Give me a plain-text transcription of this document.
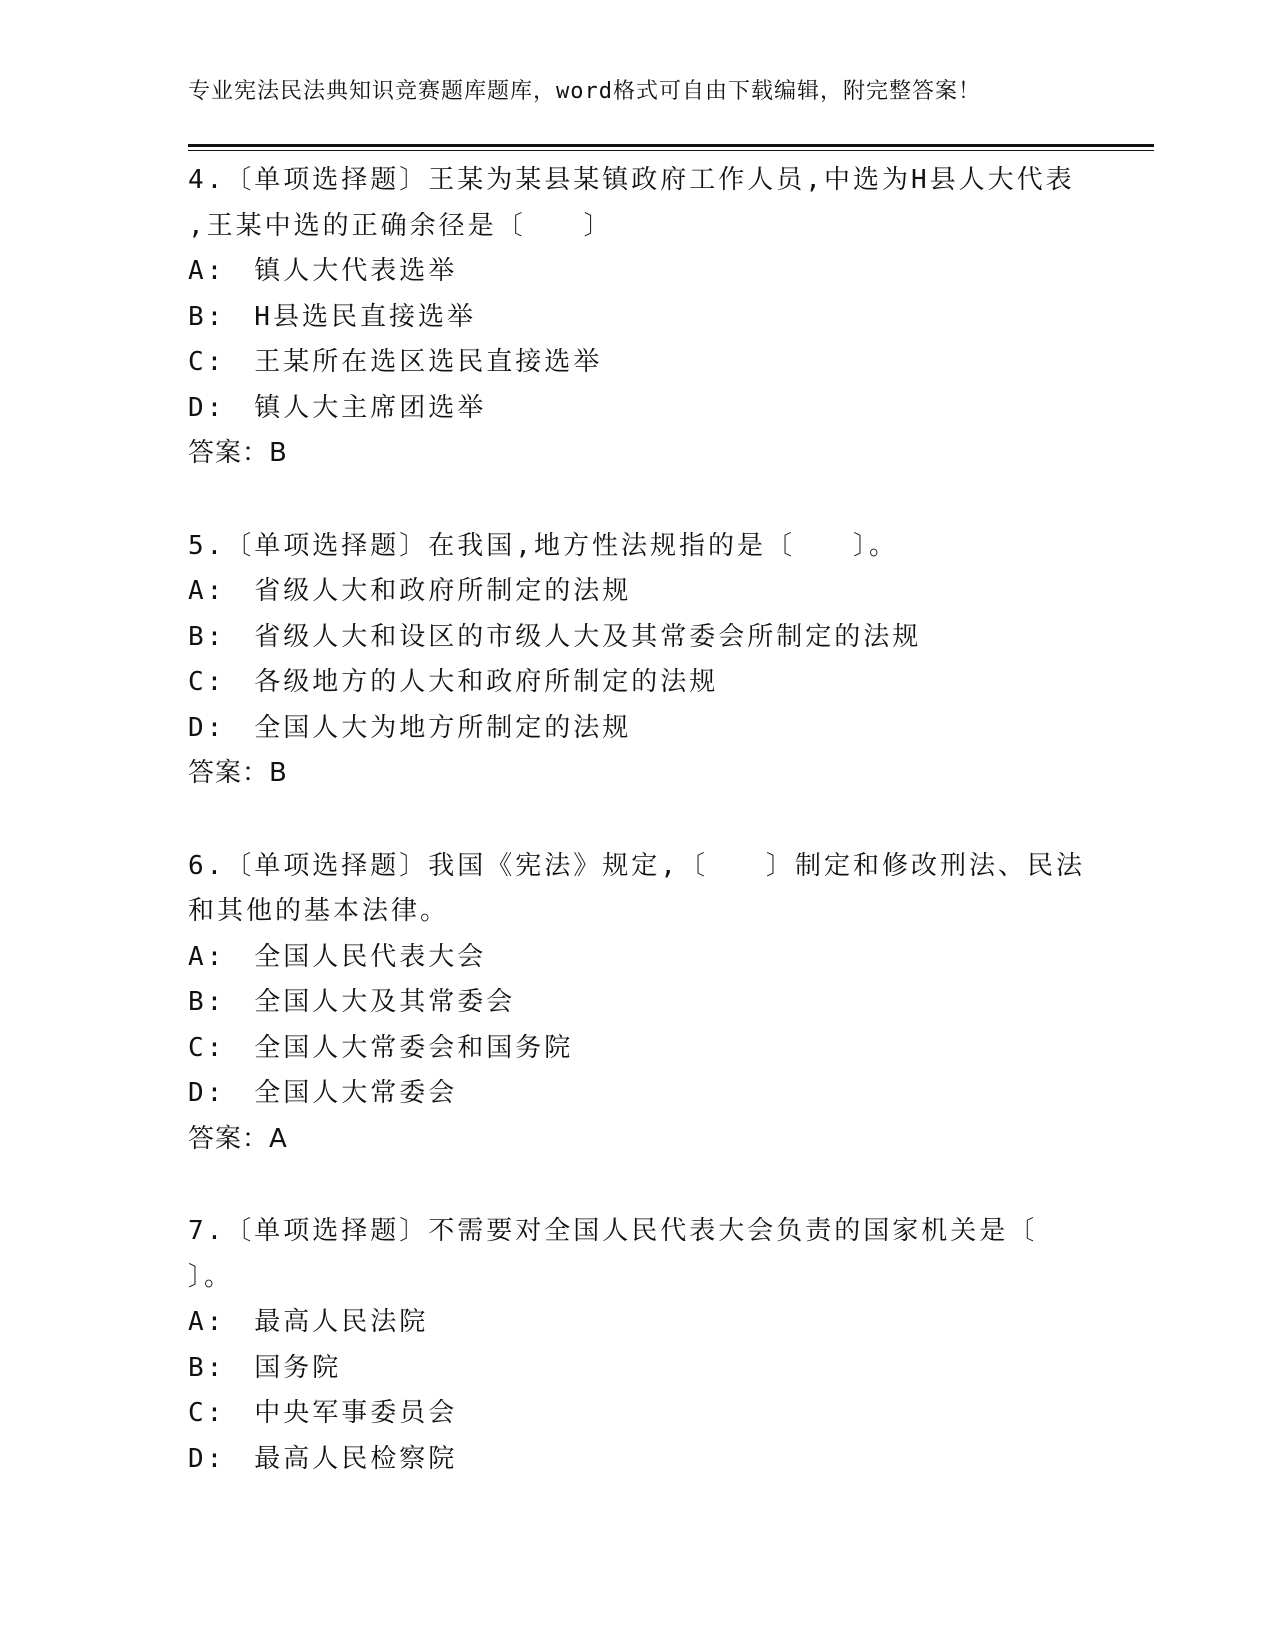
专业宪法民法典知识竞赛题库题库，word格式可自由下载编辑，附完整答案！
4.〔单项选择题〕王某为某县某镇政府工作人员,中选为H县人大代表
,王某中选的正确余径是〔　　〕
A:　镇人大代表选举
B:　H县选民直接选举
C:　王某所在选区选民直接选举
D:　镇人大主席团选举
答案：B
5.〔单项选择题〕在我国,地方性法规指的是〔　　〕。
A:　省级人大和政府所制定的法规
B:　省级人大和设区的市级人大及其常委会所制定的法规
C:　各级地方的人大和政府所制定的法规
D:　全国人大为地方所制定的法规
答案：B
6.〔单项选择题〕我国《宪法》规定,〔　　〕制定和修改刑法、民法
和其他的基本法律。
A:　全国人民代表大会
B:　全国人大及其常委会
C:　全国人大常委会和国务院
D:　全国人大常委会
答案：A
7.〔单项选择题〕不需要对全国人民代表大会负责的国家机关是〔
〕。
A:　最高人民法院
B:　国务院
C:　中央军事委员会
D:　最高人民检察院
